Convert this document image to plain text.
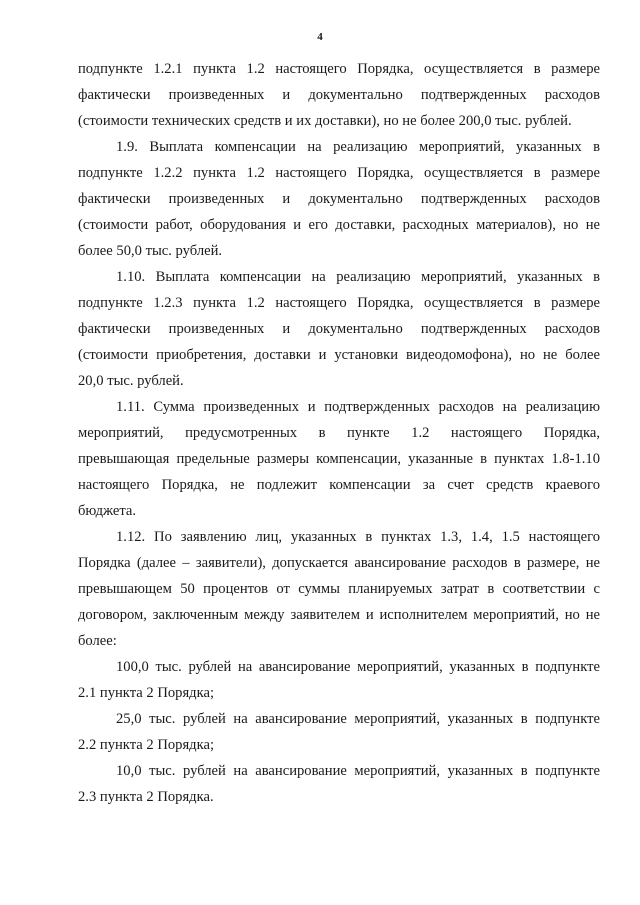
4
подпункте 1.2.1 пункта 1.2 настоящего Порядка, осуществляется в размере
фактически произведенных и документально подтвержденных расходов
(стоимости технических средств и их доставки), но не более 200,0 тыс. рублей.
1.9. Выплата компенсации на реализацию мероприятий, указанных в
подпункте 1.2.2 пункта 1.2 настоящего Порядка, осуществляется в размере
фактически произведенных и документально подтвержденных расходов
(стоимости работ, оборудования и его доставки, расходных материалов), но не
более 50,0 тыс. рублей.
1.10. Выплата компенсации на реализацию мероприятий, указанных в
подпункте 1.2.3 пункта 1.2 настоящего Порядка, осуществляется в размере
фактически произведенных и документально подтвержденных расходов
(стоимости приобретения, доставки и установки видеодомофона), но не более
20,0 тыс. рублей.
1.11. Сумма произведенных и подтвержденных расходов на реализацию
мероприятий, предусмотренных в пункте 1.2 настоящего Порядка,
превышающая предельные размеры компенсации, указанные в пунктах 1.8-1.10
настоящего Порядка, не подлежит компенсации за счет средств краевого
бюджета.
1.12. По заявлению лиц, указанных в пунктах 1.3, 1.4, 1.5 настоящего
Порядка (далее – заявители), допускается авансирование расходов в размере, не
превышающем 50 процентов от суммы планируемых затрат в соответствии с
договором, заключенным между заявителем и исполнителем мероприятий, но не
более:
100,0 тыс. рублей на авансирование мероприятий, указанных в подпункте
2.1 пункта 2 Порядка;
25,0 тыс. рублей на авансирование мероприятий, указанных в подпункте
2.2 пункта 2 Порядка;
10,0 тыс. рублей на авансирование мероприятий, указанных в подпункте
2.3 пункта 2 Порядка.
